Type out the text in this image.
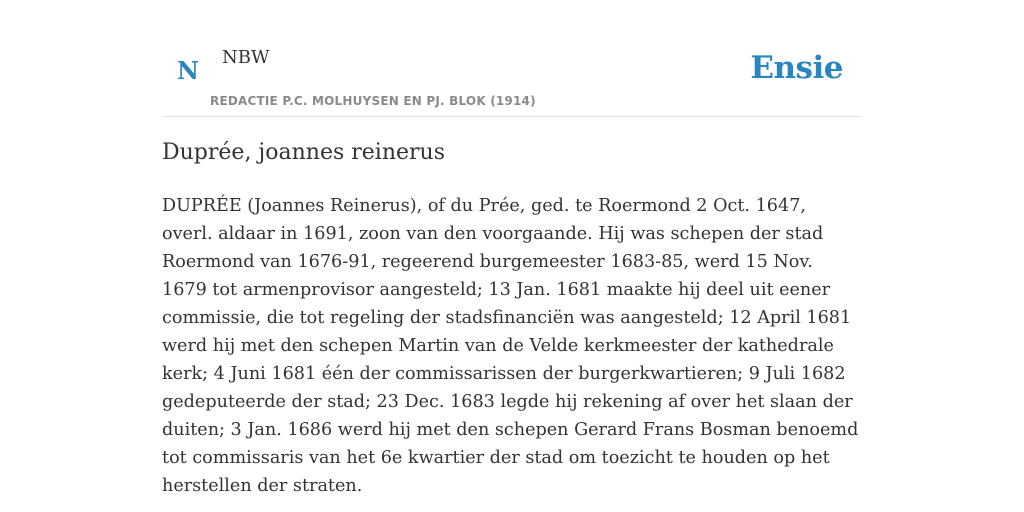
N NBW
REDACTIE P.C. MOLHUYSEN EN PJ. BLOK (1914)
Ensie
Duprée, joannes reinerus

DUPRÉE (Joannes Reinerus), of du Prée, ged. te Roermond 2 Oct. 1647, overl. aldaar in 1691, zoon van den voorgaande. Hij was schepen der stad Roermond van 1676-91, regeerend burgemeester 1683-85, werd 15 Nov. 1679 tot armenprovisor aangesteld; 13 Jan. 1681 maakte hij deel uit eener commissie, die tot regeling der stadsfinanciën was aangesteld; 12 April 1681 werd hij met den schepen Martin van de Velde kerkmeester der kathedrale kerk; 4 Juni 1681 één der commissarissen der burgerkwartieren; 9 Juli 1682 gedeputeerde der stad; 23 Dec. 1683 legde hij rekening af over het slaan der duiten; 3 Jan. 1686 werd hij met den schepen Gerard Frans Bosman benoemd tot commissaris van het 6e kwartier der stad om toezicht te houden op het herstellen der straten.
